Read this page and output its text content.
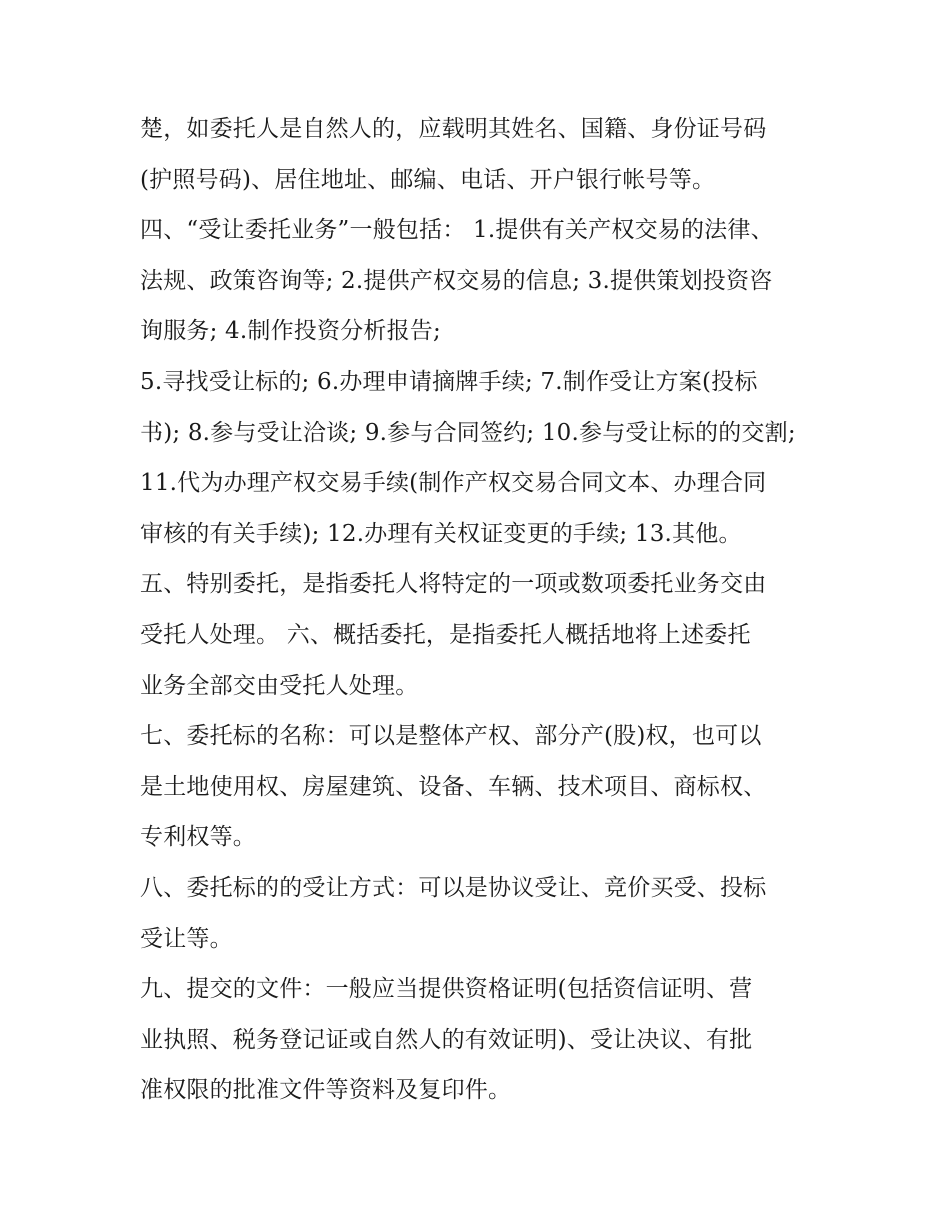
楚，如委托人是自然人的，应载明其姓名、国籍、身份证号码
(护照号码)、居住地址、邮编、电话、开户银行帐号等。
四、“受让委托业务”一般包括： 1.提供有关产权交易的法律、
法规、政策咨询等; 2.提供产权交易的信息; 3.提供策划投资咨
询服务; 4.制作投资分析报告;
5.寻找受让标的; 6.办理申请摘牌手续; 7.制作受让方案(投标
书); 8.参与受让洽谈; 9.参与合同签约; 10.参与受让标的的交割;
11.代为办理产权交易手续(制作产权交易合同文本、办理合同
审核的有关手续); 12.办理有关权证变更的手续; 13.其他。
五、特别委托，是指委托人将特定的一项或数项委托业务交由
受托人处理。 六、概括委托，是指委托人概括地将上述委托
业务全部交由受托人处理。
七、委托标的名称：可以是整体产权、部分产(股)权，也可以
是土地使用权、房屋建筑、设备、车辆、技术项目、商标权、
专利权等。
八、委托标的的受让方式：可以是协议受让、竞价买受、投标
受让等。
九、提交的文件：一般应当提供资格证明(包括资信证明、营
业执照、税务登记证或自然人的有效证明)、受让决议、有批
准权限的批准文件等资料及复印件。
